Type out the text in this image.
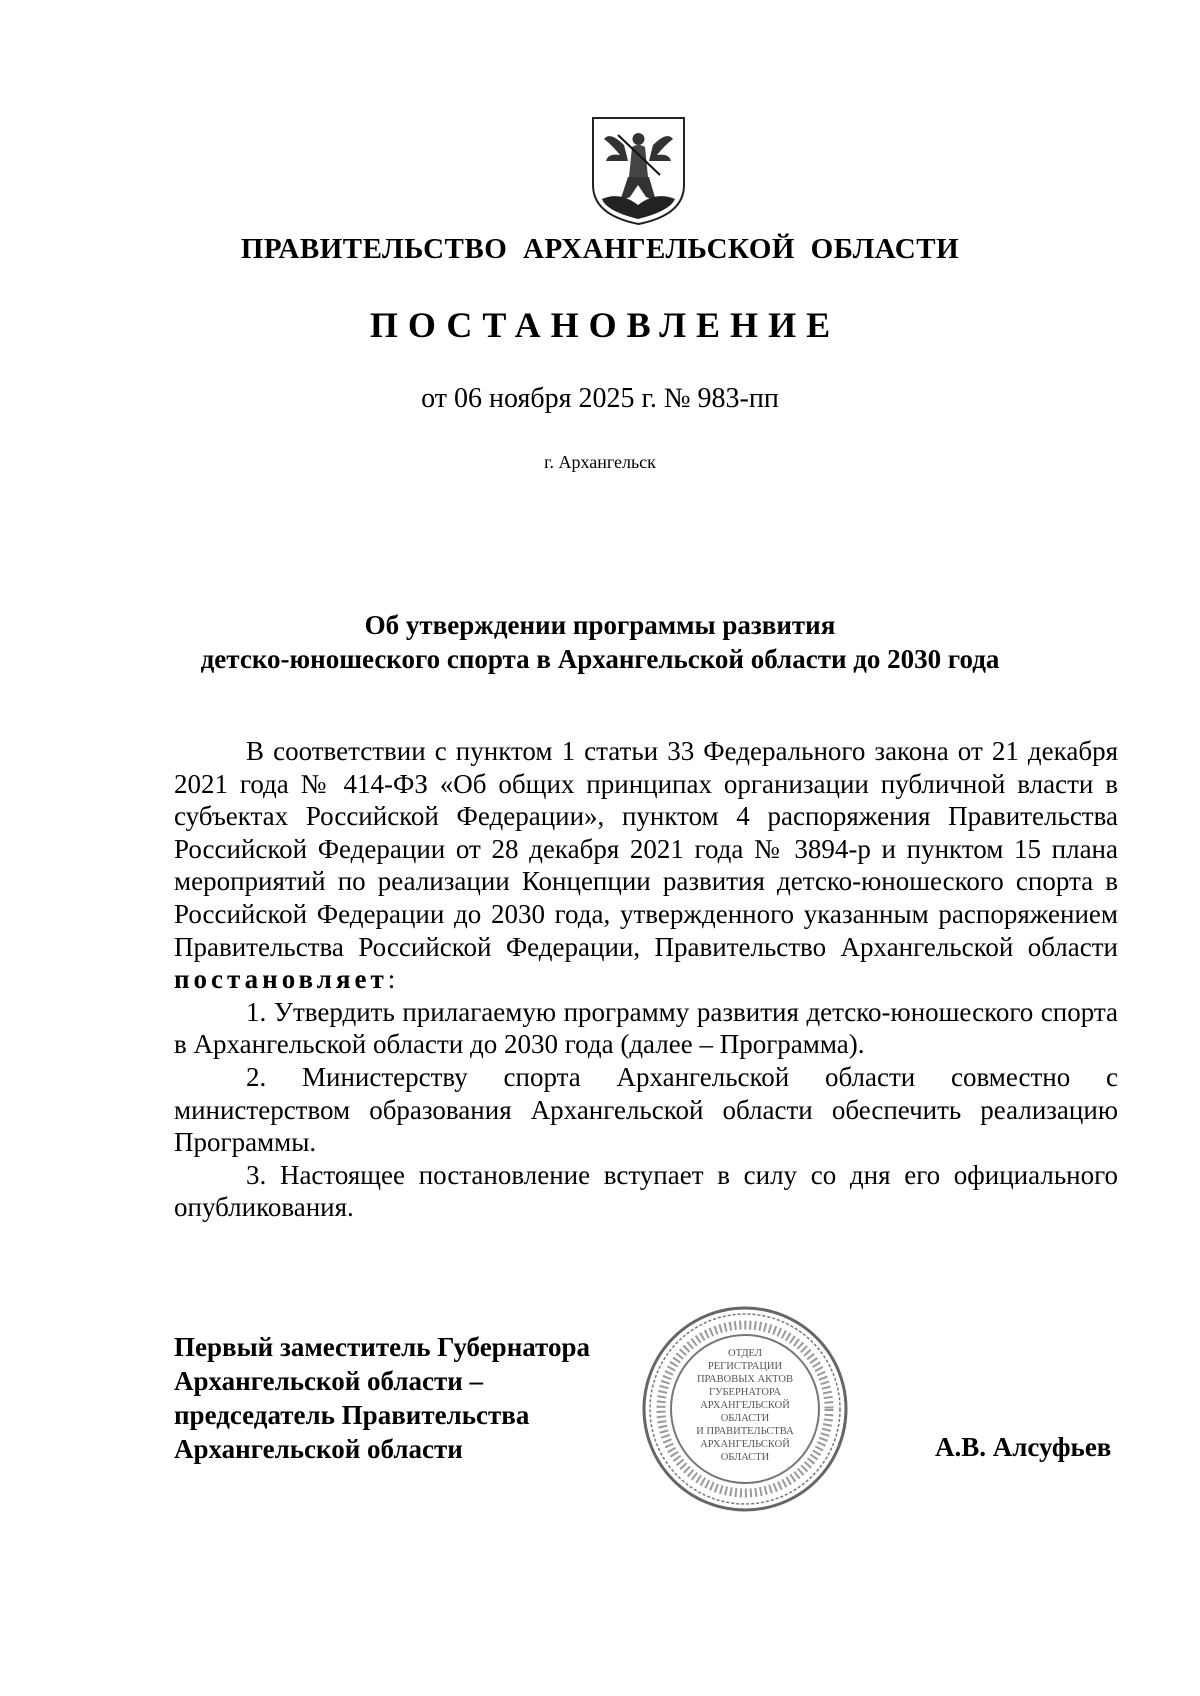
ПРАВИТЕЛЬСТВО АРХАНГЕЛЬСКОЙ ОБЛАСТИ
ПОСТАНОВЛЕНИЕ
от 06 ноября 2025 г. № 983-пп
г. Архангельск
Об утверждении программы развития
детско-юношеского спорта в Архангельской области до 2030 года

В соответствии с пунктом 1 статьи 33 Федерального закона от 21 декабря 2021 года № 414-ФЗ «Об общих принципах организации публичной власти в субъектах Российской Федерации», пунктом 4 распоряжения Правительства Российской Федерации от 28 декабря 2021 года № 3894-р и пунктом 15 плана мероприятий по реализации Концепции развития детско-юношеского спорта в Российской Федерации до 2030 года, утвержденного указанным распоряжением Правительства Российской Федерации, Правительство Архангельской области постановляет:

1. Утвердить прилагаемую программу развития детско-юношеского спорта в Архангельской области до 2030 года (далее – Программа).

2. Министерству спорта Архангельской области совместно с министерством образования Архангельской области обеспечить реализацию Программы.

3. Настоящее постановление вступает в силу со дня его официального опубликования.

Первый заместитель Губернатора
Архангельской области –
председатель Правительства
Архангельской области
ОТДЕЛ
РЕГИСТРАЦИИ
ПРАВОВЫХ АКТОВ
ГУБЕРНАТОРА
АРХАНГЕЛЬСКОЙ
ОБЛАСТИ
И ПРАВИТЕЛЬСТВА
АРХАНГЕЛЬСКОЙ
ОБЛАСТИ	А.В. Алсуфьев
